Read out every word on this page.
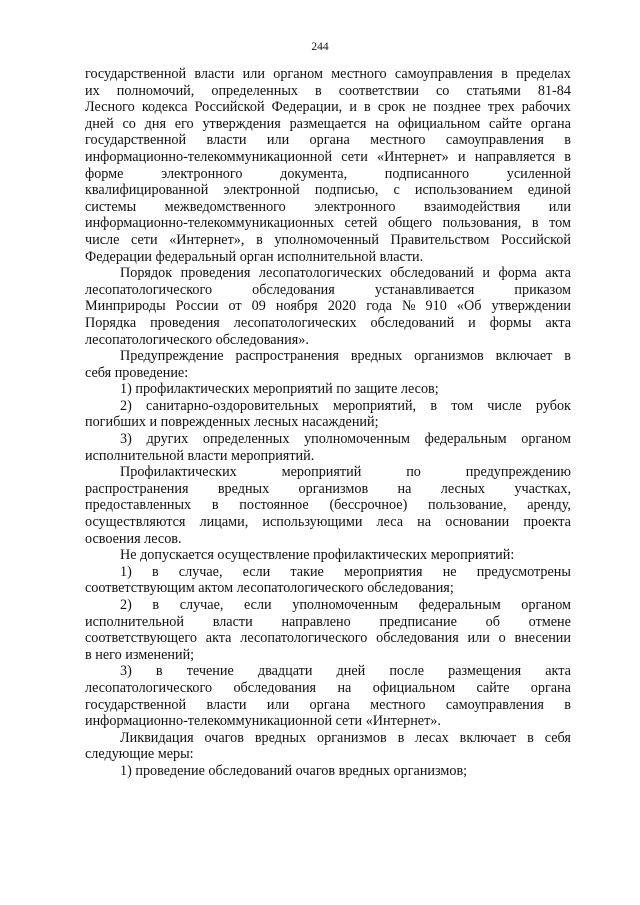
244
государственной власти или органом местного самоуправления в пределах
их полномочий, определенных в соответствии со статьями 81-84
Лесного кодекса Российской Федерации, и в срок не позднее трех рабочих
дней со дня его утверждения размещается на официальном сайте органа
государственной власти или органа местного самоуправления в
информационно-телекоммуникационной сети «Интернет» и направляется в
форме	электронного	документа,	подписанного	усиленной
квалифицированной электронной подписью, с использованием единой
системы межведомственного электронного взаимодействия или
информационно-телекоммуникационных сетей общего пользования, в том
числе сети «Интернет», в уполномоченный Правительством Российской
Федерации федеральный орган исполнительной власти.
Порядок проведения лесопатологических обследований и форма акта
лесопатологического	обследования	устанавливается	приказом
Минприроды России от 09 ноября 2020 года № 910 «Об утверждении
Порядка проведения лесопатологических обследований и формы акта
лесопатологического обследования».
Предупреждение распространения вредных организмов включает в
себя проведение:
1) профилактических мероприятий по защите лесов;
2) санитарно-оздоровительных мероприятий, в том числе рубок
погибших и поврежденных лесных насаждений;
3) других определенных уполномоченным федеральным органом
исполнительной власти мероприятий.
Профилактических	мероприятий	по	предупреждению
распространения вредных организмов на лесных участках,
предоставленных в постоянное (бессрочное) пользование, аренду,
осуществляются лицами, использующими леса на основании проекта
освоения лесов.
Не допускается осуществление профилактических мероприятий:
1) в случае, если такие мероприятия не предусмотрены
соответствующим актом лесопатологического обследования;
2) в случае, если уполномоченным федеральным органом
исполнительной власти направлено предписание об отмене
соответствующего акта лесопатологического обследования или о внесении
в него изменений;
3) в течение двадцати дней после размещения акта
лесопатологического обследования на официальном сайте органа
государственной власти или органа местного самоуправления в
информационно-телекоммуникационной сети «Интернет».
Ликвидация очагов вредных организмов в лесах включает в себя
следующие меры:
1) проведение обследований очагов вредных организмов;
